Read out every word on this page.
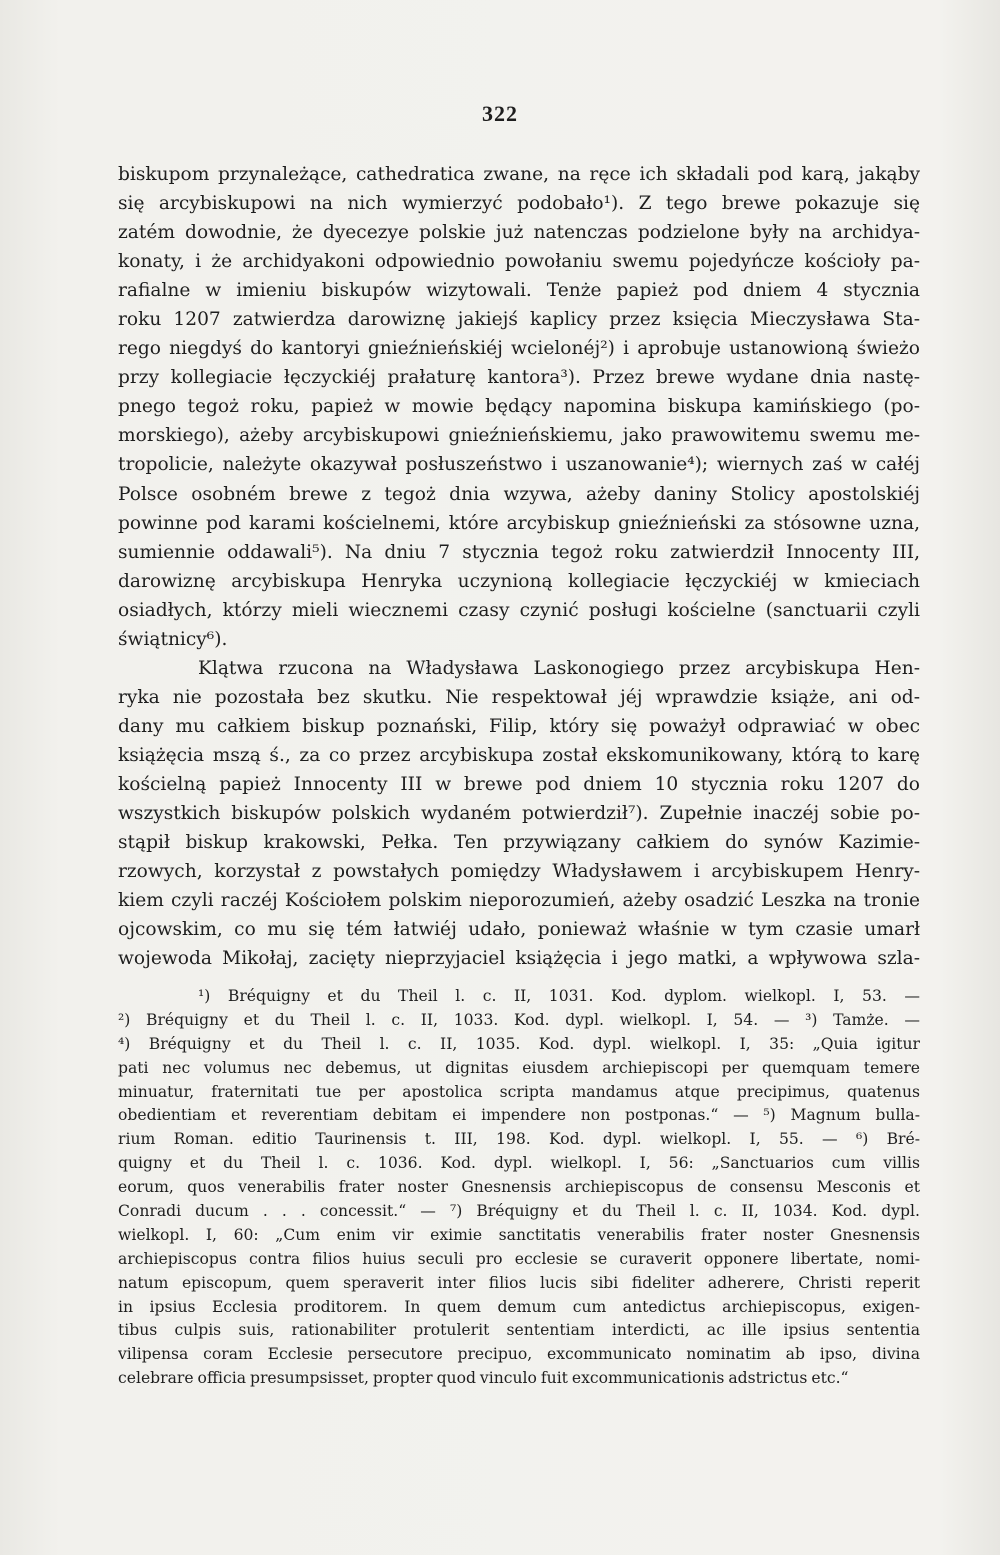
322
biskupom przynależące, cathedratica zwane, na ręce ich składali pod karą, jakąby
się arcybiskupowi na nich wymierzyć podobało¹). Z tego brewe pokazuje się
zatém dowodnie, że dyecezye polskie już natenczas podzielone były na archidya-
konaty, i że archidyakoni odpowiednio powołaniu swemu pojedyńcze kościoły pa-
rafialne w imieniu biskupów wizytowali. Tenże papież pod dniem 4 stycznia
roku 1207 zatwierdza darowiznę jakiejś kaplicy przez księcia Mieczysława Sta-
rego niegdyś do kantoryi gnieźnieńskiéj wcielonéj²) i aprobuje ustanowioną świeżo
przy kollegiacie łęczyckiéj prałaturę kantora³). Przez brewe wydane dnia nastę-
pnego tegoż roku, papież w mowie będący napomina biskupa kamińskiego (po-
morskiego), ażeby arcybiskupowi gnieźnieńskiemu, jako prawowitemu swemu me-
tropolicie, należyte okazywał posłuszeństwo i uszanowanie⁴); wiernych zaś w całéj
Polsce osobném brewe z tegoż dnia wzywa, ażeby daniny Stolicy apostolskiéj
powinne pod karami kościelnemi, które arcybiskup gnieźnieński za stósowne uzna,
sumiennie oddawali⁵). Na dniu 7 stycznia tegoż roku zatwierdził Innocenty III,
darowiznę arcybiskupa Henryka uczynioną kollegiacie łęczyckiéj w kmieciach
osiadłych, którzy mieli wiecznemi czasy czynić posługi kościelne (sanctuarii czyli
świątnicy⁶).
Klątwa rzucona na Władysława Laskonogiego przez arcybiskupa Hen-
ryka nie pozostała bez skutku. Nie respektował jéj wprawdzie książe, ani od-
dany mu całkiem biskup poznański, Filip, który się poważył odprawiać w obec
książęcia mszą ś., za co przez arcybiskupa został ekskomunikowany, którą to karę
kościelną papież Innocenty III w brewe pod dniem 10 stycznia roku 1207 do
wszystkich biskupów polskich wydaném potwierdził⁷). Zupełnie inaczéj sobie po-
stąpił biskup krakowski, Pełka. Ten przywiązany całkiem do synów Kazimie-
rzowych, korzystał z powstałych pomiędzy Władysławem i arcybiskupem Henry-
kiem czyli raczéj Kościołem polskim nieporozumień, ażeby osadzić Leszka na tronie
ojcowskim, co mu się tém łatwiéj udało, ponieważ właśnie w tym czasie umarł
wojewoda Mikołaj, zacięty nieprzyjaciel książęcia i jego matki, a wpływowa szla-
¹) Bréquigny et du Theil l. c. II, 1031. Kod. dyplom. wielkopl. I, 53. —
²) Bréquigny et du Theil l. c. II, 1033. Kod. dypl. wielkopl. I, 54. — ³) Tamże. —
⁴) Bréquigny et du Theil l. c. II, 1035. Kod. dypl. wielkopl. I, 35: „Quia igitur
pati nec volumus nec debemus, ut dignitas eiusdem archiepiscopi per quemquam temere
minuatur, fraternitati tue per apostolica scripta mandamus atque precipimus, quatenus
obedientiam et reverentiam debitam ei impendere non postponas.“ — ⁵) Magnum bulla-
rium Roman. editio Taurinensis t. III, 198. Kod. dypl. wielkopl. I, 55. — ⁶) Bré-
quigny et du Theil l. c. 1036. Kod. dypl. wielkopl. I, 56: „Sanctuarios cum villis
eorum, quos venerabilis frater noster Gnesnensis archiepiscopus de consensu Mesconis et
Conradi ducum . . . concessit.“ — ⁷) Bréquigny et du Theil l. c. II, 1034. Kod. dypl.
wielkopl. I, 60: „Cum enim vir eximie sanctitatis venerabilis frater noster Gnesnensis
archiepiscopus contra filios huius seculi pro ecclesie se curaverit opponere libertate, nomi-
natum episcopum, quem speraverit inter filios lucis sibi fideliter adherere, Christi reperit
in ipsius Ecclesia proditorem. In quem demum cum antedictus archiepiscopus, exigen-
tibus culpis suis, rationabiliter protulerit sententiam interdicti, ac ille ipsius sententia
vilipensa coram Ecclesie persecutore precipuo, excommunicato nominatim ab ipso, divina
celebrare officia presumpsisset, propter quod vinculo fuit excommunicationis adstrictus etc.“
